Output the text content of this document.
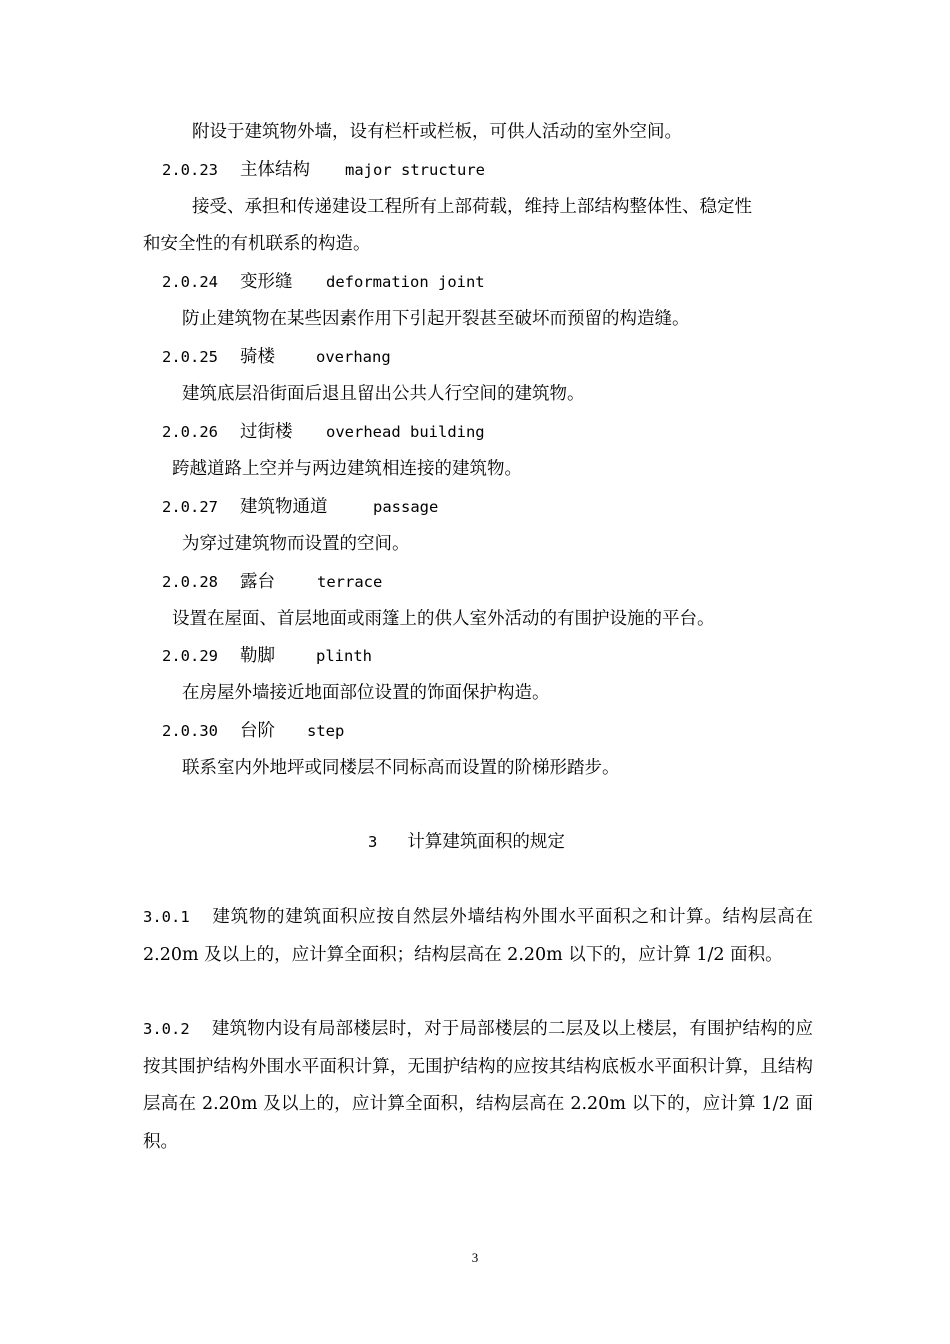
附设于建筑物外墙，设有栏杆或栏板，可供人活动的室外空间。
2.0.23 主体结构 major structure
接受、承担和传递建设工程所有上部荷载，维持上部结构整体性、稳定性
和安全性的有机联系的构造。
2.0.24 变形缝 deformation joint
防止建筑物在某些因素作用下引起开裂甚至破坏而预留的构造缝。
2.0.25 骑楼	overhang
建筑底层沿街面后退且留出公共人行空间的建筑物。
2.0.26 过街楼 overhead building
跨越道路上空并与两边建筑相连接的建筑物。
2.0.27 建筑物通道	passage
为穿过建筑物而设置的空间。
2.0.28 露台	terrace
设置在屋面、首层地面或雨篷上的供人室外活动的有围护设施的平台。
2.0.29 勒脚	plinth
在房屋外墙接近地面部位设置的饰面保护构造。
2.0.30 台阶 step
联系室内外地坪或同楼层不同标高而设置的阶梯形踏步。
3 计算建筑面积的规定
3.0.1 建筑物的建筑面积应按自然层外墙结构外围水平面积之和计算。结构层高在 2.20m 及以上的，应计算全面积；结构层高在 2.20m 以下的，应计算 1/2 面积。
3.0.2 建筑物内设有局部楼层时，对于局部楼层的二层及以上楼层，有围护结构的应按其围护结构外围水平面积计算，无围护结构的应按其结构底板水平面积计算，且结构层高在 2.20m 及以上的，应计算全面积，结构层高在 2.20m 以下的，应计算 1/2 面积。
3
